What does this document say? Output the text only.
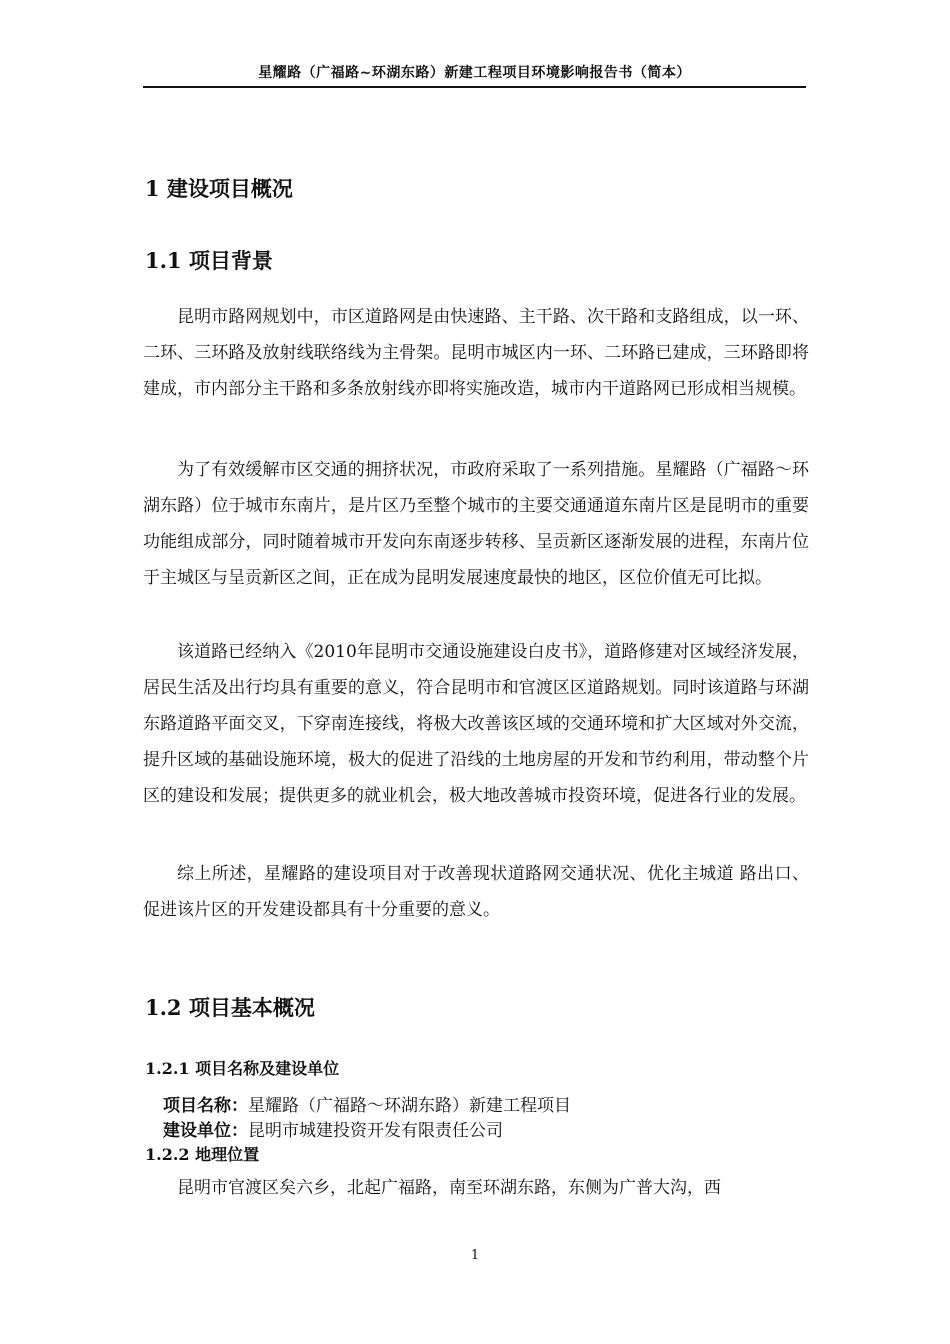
星耀路（广福路~环湖东路）新建工程项目环境影响报告书（简本）
1 建设项目概况
1.1 项目背景

昆明市路网规划中，市区道路网是由快速路、主干路、次干路和支路组成，以一环、二环、三环路及放射线联络线为主骨架。昆明市城区内一环、二环路已建成，三环路即将建成，市内部分主干路和多条放射线亦即将实施改造，城市内干道路网已形成相当规模。

为了有效缓解市区交通的拥挤状况，市政府采取了一系列措施。星耀路（广福路～环湖东路）位于城市东南片，是片区乃至整个城市的主要交通通道东南片区是昆明市的重要功能组成部分，同时随着城市开发向东南逐步转移、呈贡新区逐渐发展的进程，东南片位于主城区与呈贡新区之间，正在成为昆明发展速度最快的地区，区位价值无可比拟。

该道路已经纳入《2010年昆明市交通设施建设白皮书》，道路修建对区域经济发展，居民生活及出行均具有重要的意义，符合昆明市和官渡区区道路规划。同时该道路与环湖东路道路平面交叉，下穿南连接线，将极大改善该区域的交通环境和扩大区域对外交流，提升区域的基础设施环境，极大的促进了沿线的土地房屋的开发和节约利用，带动整个片区的建设和发展；提供更多的就业机会，极大地改善城市投资环境，促进各行业的发展。

综上所述，星耀路的建设项目对于改善现状道路网交通状况、优化主城道 路出口、促进该片区的开发建设都具有十分重要的意义。

1.2 项目基本概况
1.2.1 项目名称及建设单位
项目名称：星耀路（广福路～环湖东路）新建工程项目
建设单位：昆明市城建投资开发有限责任公司
1.2.2 地理位置

昆明市官渡区矣六乡，北起广福路，南至环湖东路，东侧为广普大沟，西

1
